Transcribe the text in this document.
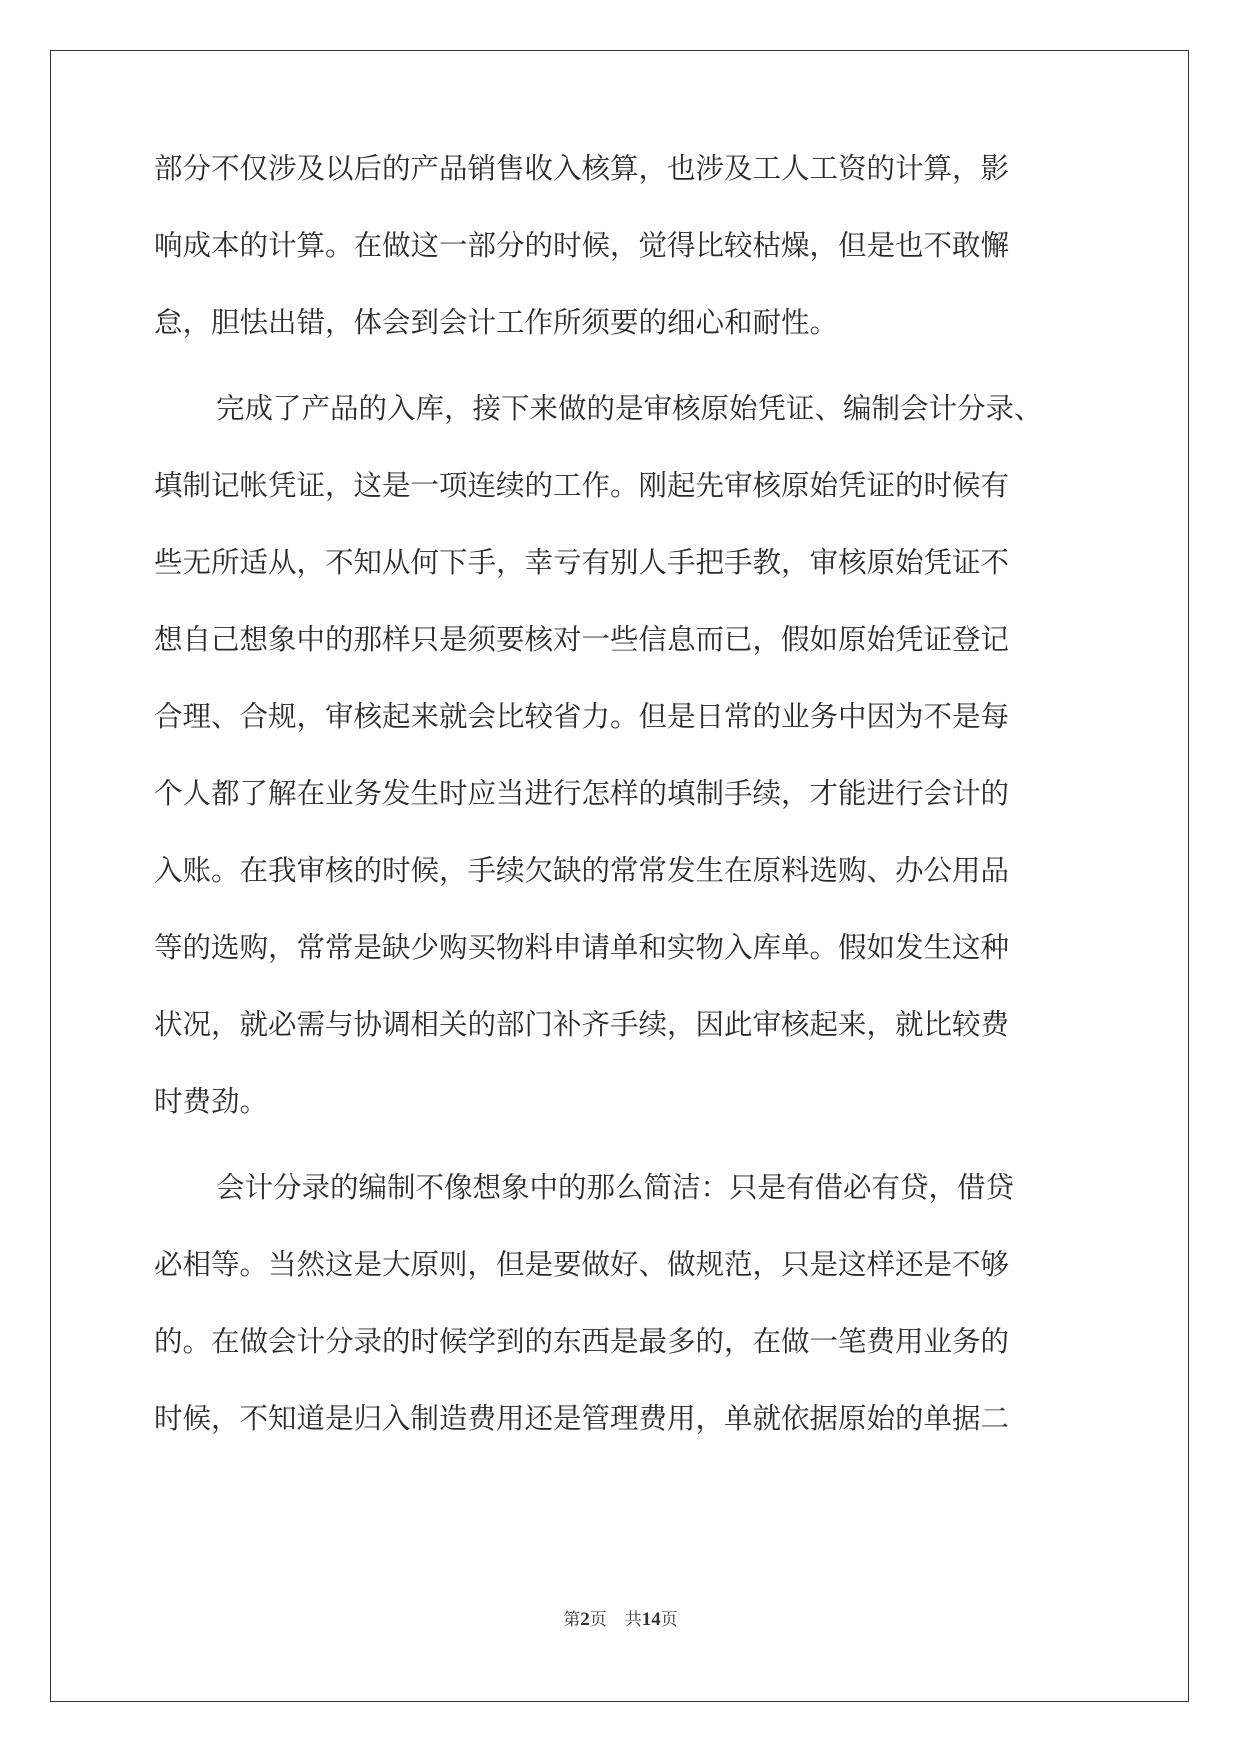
部分不仅涉及以后的产品销售收入核算，也涉及工人工资的计算，影
响成本的计算。在做这一部分的时候，觉得比较枯燥，但是也不敢懈
怠，胆怯出错，体会到会计工作所须要的细心和耐性。
完成了产品的入库，接下来做的是审核原始凭证、编制会计分录、
填制记帐凭证，这是一项连续的工作。刚起先审核原始凭证的时候有
些无所适从，不知从何下手，幸亏有别人手把手教，审核原始凭证不
想自己想象中的那样只是须要核对一些信息而已，假如原始凭证登记
合理、合规，审核起来就会比较省力。但是日常的业务中因为不是每
个人都了解在业务发生时应当进行怎样的填制手续，才能进行会计的
入账。在我审核的时候，手续欠缺的常常发生在原料选购、办公用品
等的选购，常常是缺少购买物料申请单和实物入库单。假如发生这种
状况，就必需与协调相关的部门补齐手续，因此审核起来，就比较费
时费劲。
会计分录的编制不像想象中的那么简洁：只是有借必有贷，借贷
必相等。当然这是大原则，但是要做好、做规范，只是这样还是不够
的。在做会计分录的时候学到的东西是最多的，在做一笔费用业务的
时候，不知道是归入制造费用还是管理费用，单就依据原始的单据二
第2页 共14页
